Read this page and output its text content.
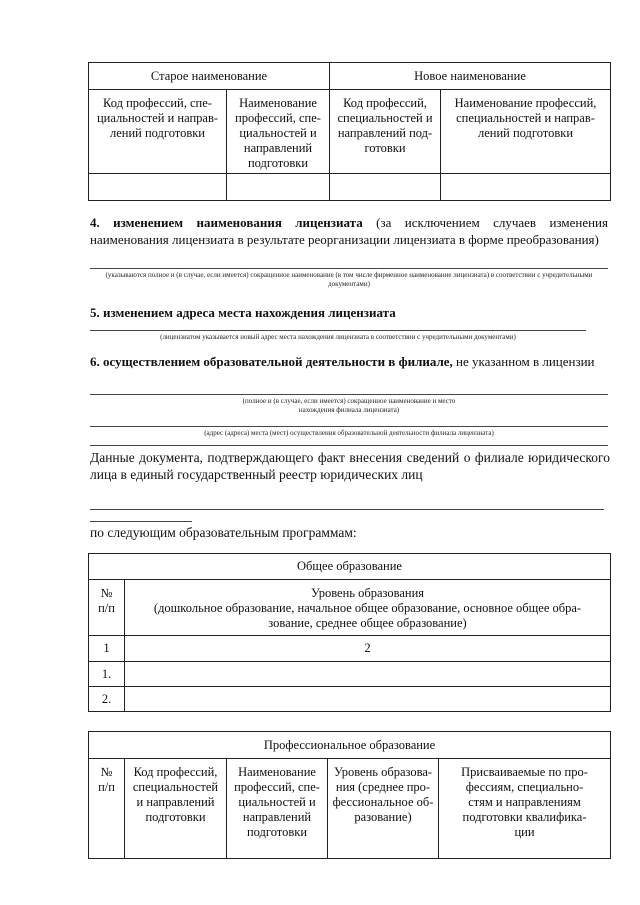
Старое наименование		Новое наименование	
Код профессий, спе-
циальностей и направ-
лений подготовки	Наименование
профессий, спе-
циальностей и
направлений
подготовки	Код профессий,
специальностей и
направлений под-
готовки	Наименование профессий,
специальностей и направ-
лений подготовки

4. изменением наименования лицензиата (за исключением случаев изменения наименования лицензиата в результате реорганизации лицензиата в форме преобразования)
(указываются полное и (в случае, если имеется) сокращенное наименование (в том числе фирменное наименование лицензиата) в соответствии с учредительными документами)
5. изменением адреса места нахождения лицензиата
(лицензиатом указывается новый адрес места нахождения лицензиата в соответствии с учредительными документами)
6. осуществлением образовательной деятельности в филиале, не указанном в лицензии
(полное и (в случае, если имеется) сокращенное наименование и место
нахождения филиала лицензиата)
(адрес (адреса) места (мест) осуществления образовательной деятельности филиала лицензиата)
Данные документа, подтверждающего факт внесения сведений о филиале юридического лица в единый государственный реестр юридических лиц
по следующим образовательным программам:
Общее образование	
№
п/п	Уровень образования
(дошкольное образование, начальное общее образование, основное общее обра-
зование, среднее общее образование)
1	2
1.	
2.	
Профессиональное образование
№
п/п	Код профессий,
специальностей
и направлений
подготовки	Наименование
профессий, спе-
циальностей и
направлений
подготовки	Уровень образова-
ния (среднее про-
фессиональное об-
разование)	Присваиваемые по про-
фессиям, специально-
стям и направлениям
подготовки квалифика-
ции
